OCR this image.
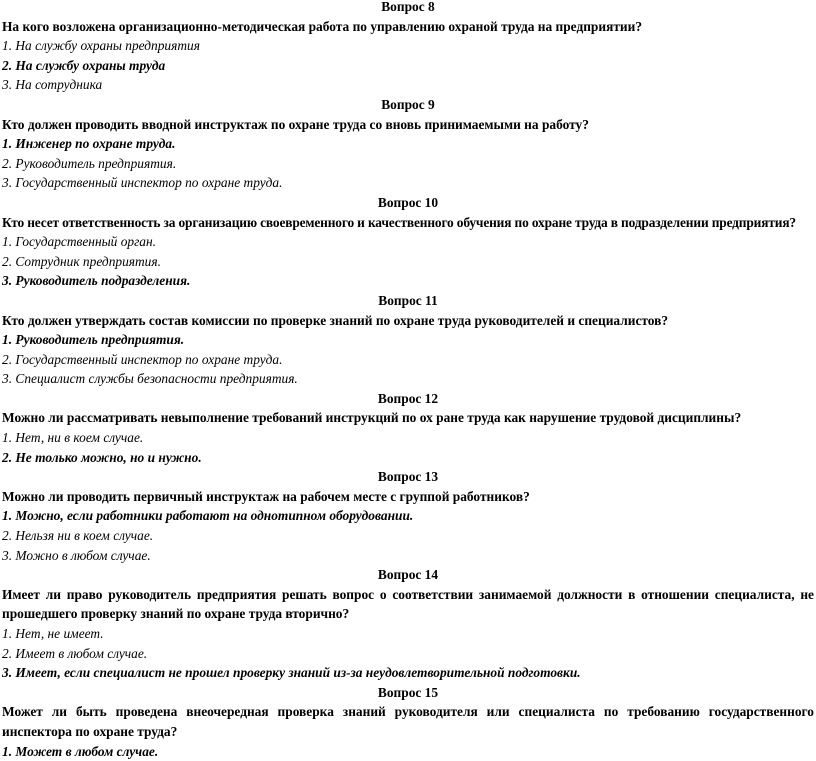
Вопрос 8
На кого возложена организационно-методическая работа по управлению охраной труда на предприятии?
1. На службу охраны предприятия
2. На службу охраны труда
3. На сотрудника
Вопрос 9
Кто должен проводить вводной инструктаж по охране труда со вновь принимаемыми на работу?
1. Инженер по охране труда.
2. Руководитель предприятия.
3. Государственный инспектор по охране труда.
Вопрос 10
Кто несет ответственность за организацию своевременного и качественного обучения по охране труда в подразделении предприятия?
1. Государственный орган.
2. Сотрудник предприятия.
3. Руководитель подразделения.
Вопрос 11
Кто должен утверждать состав комиссии по проверке знаний по охране труда руководителей и специалистов?
1. Руководитель предприятия.
2. Государственный инспектор по охране труда.
3. Специалист службы безопасности предприятия.
Вопрос 12
Можно ли рассматривать невыполнение требований инструкций по ох ране труда как нарушение трудовой дисциплины?
1. Нет, ни в коем случае.
2. Не только можно, но и нужно.
Вопрос 13
Можно ли проводить первичный инструктаж на рабочем месте с группой работников?
1. Можно, если работники работают на однотипном оборудовании.
2. Нельзя ни в коем случае.
3. Можно в любом случае.
Вопрос 14
Имеет ли право руководитель предприятия решать вопрос о соответствии занимаемой должности в отношении специалиста, не прошедшего проверку знаний по охране труда вторично?
1. Нет, не имеет.
2. Имеет в любом случае.
3. Имеет, если специалист не прошел проверку знаний из-за неудовлетворительной подготовки.
Вопрос 15
Может ли быть проведена внеочередная проверка знаний руководителя или специалиста по требованию государственного инспектора по охране труда?
1. Может в любом случае.
